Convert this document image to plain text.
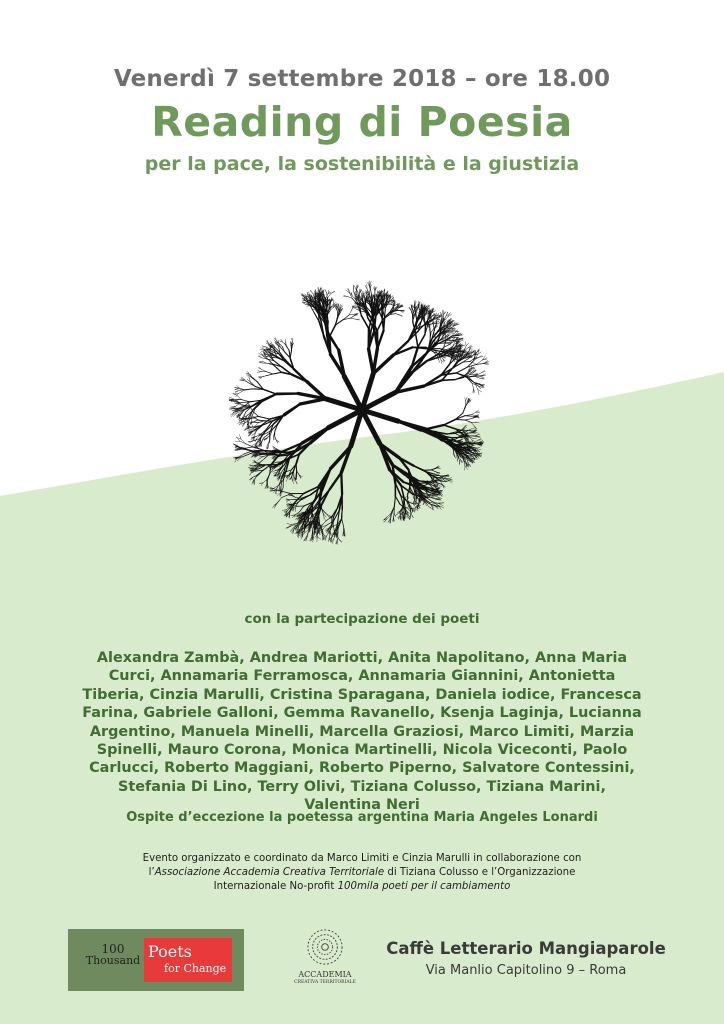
Venerdì 7 settembre 2018 – ore 18.00
Reading di Poesia
per la pace, la sostenibilità e la giustizia
con la partecipazione dei poeti
Alexandra Zambà, Andrea Mariotti, Anita Napolitano, Anna Maria Curci, Annamaria Ferramosca, Annamaria Giannini, Antonietta Tiberia, Cinzia Marulli, Cristina Sparagana, Daniela iodice, Francesca Farina, Gabriele Galloni, Gemma Ravanello, Ksenja Laginja, Lucianna Argentino, Manuela Minelli, Marcella Graziosi, Marco Limiti, Marzia Spinelli, Mauro Corona, Monica Martinelli, Nicola Viceconti, Paolo Carlucci, Roberto Maggiani, Roberto Piperno, Salvatore Contessini, Stefania Di Lino, Terry Olivi, Tiziana Colusso, Tiziana Marini, Valentina Neri
Ospite d’eccezione la poetessa argentina Maria Angeles Lonardi
Evento organizzato e coordinato da Marco Limiti e Cinzia Marulli in collaborazione con l’Associazione Accademia Creativa Territoriale di Tiziana Colusso e l’Organizzazione Internazionale No-profit 100mila poeti per il cambiamento
100
Thousand Poets
for Change	ACCADEMIA
CREATIVA TERRITORIALE
Caffè Letterario Mangiaparole
Via Manlio Capitolino 9 – Roma
